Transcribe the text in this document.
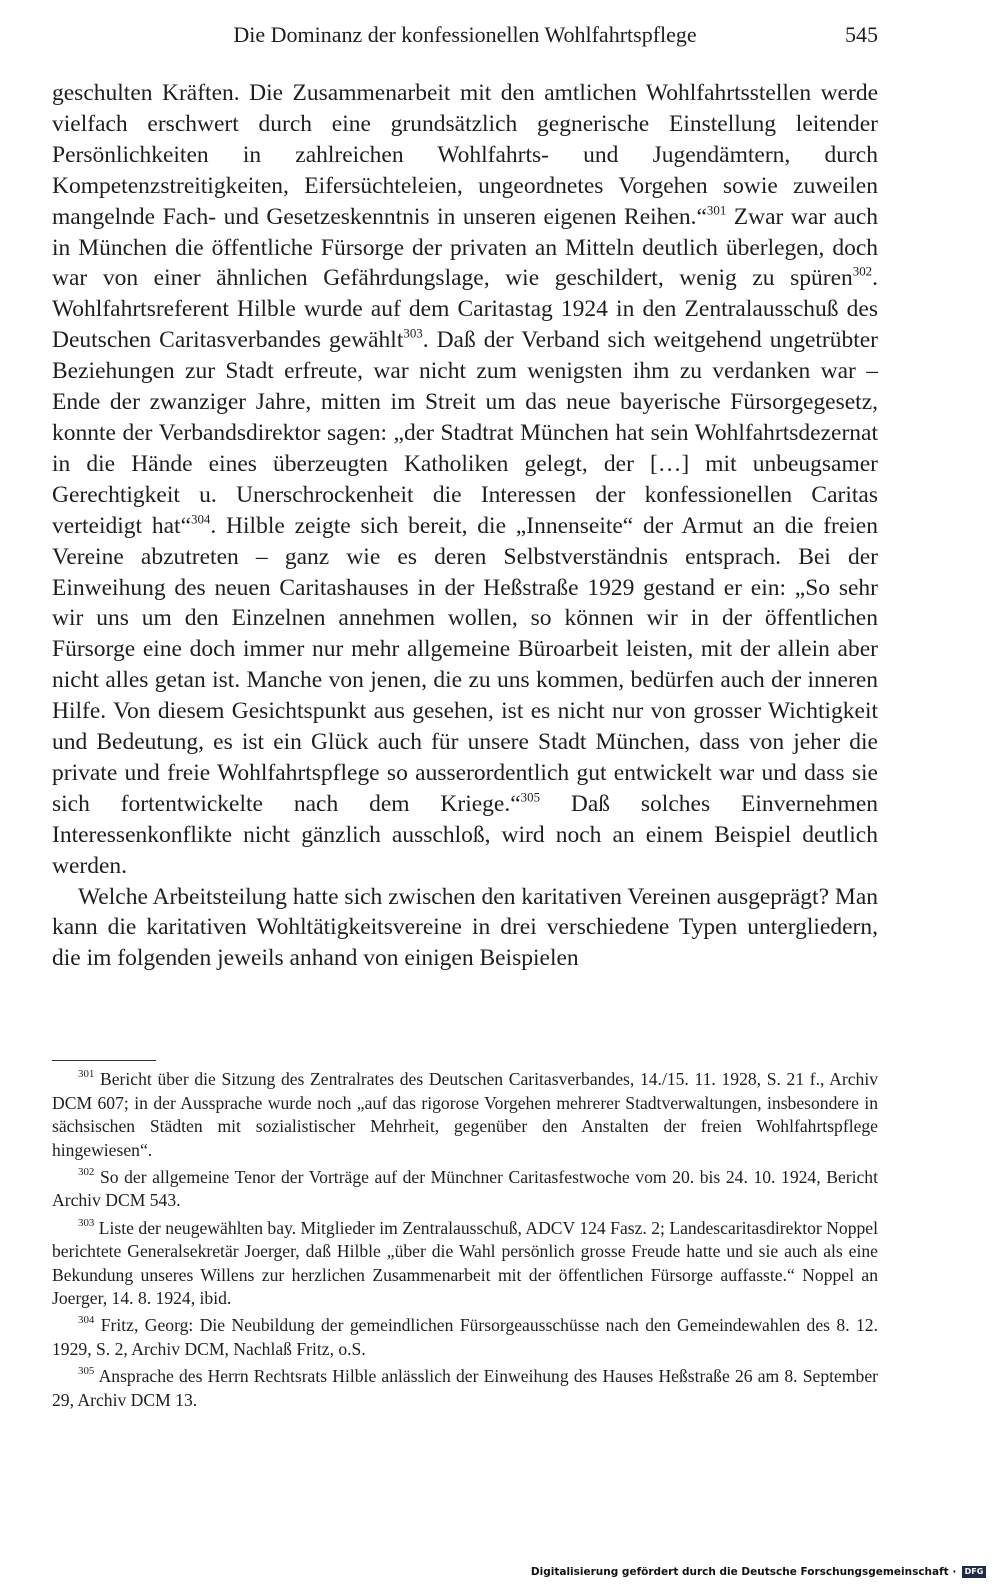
Die Dominanz der konfessionellen Wohlfahrtspflege	545

geschulten Kräften. Die Zusammenarbeit mit den amtlichen Wohlfahrtsstellen werde vielfach erschwert durch eine grundsätzlich gegnerische Einstellung leitender Persönlichkeiten in zahlreichen Wohlfahrts- und Jugendämtern, durch Kompetenzstreitigkeiten, Eifersüchteleien, ungeordnetes Vorgehen sowie zuweilen mangelnde Fach- und Gesetzeskenntnis in unseren eigenen Reihen.“$^{301}$ Zwar war auch in München die öffentliche Fürsorge der privaten an Mitteln deutlich überlegen, doch war von einer ähnlichen Gefährdungslage, wie geschildert, wenig zu spüren$^{302}$. Wohlfahrtsreferent Hilble wurde auf dem Caritastag 1924 in den Zentralausschuß des Deutschen Caritasverbandes gewählt$^{303}$. Daß der Verband sich weitgehend ungetrübter Beziehungen zur Stadt erfreute, war nicht zum wenigsten ihm zu verdanken war – Ende der zwanziger Jahre, mitten im Streit um das neue bayerische Fürsorgegesetz, konnte der Verbandsdirektor sagen: „der Stadtrat München hat sein Wohlfahrtsdezernat in die Hände eines überzeugten Katholiken gelegt, der […] mit unbeugsamer Gerechtigkeit u. Unerschrockenheit die Interessen der konfessionellen Caritas verteidigt hat“$^{304}$. Hilble zeigte sich bereit, die „Innenseite“ der Armut an die freien Vereine abzutreten – ganz wie es deren Selbstverständnis entsprach. Bei der Einweihung des neuen Caritashauses in der Heßstraße 1929 gestand er ein: „So sehr wir uns um den Einzelnen annehmen wollen, so können wir in der öffentlichen Fürsorge eine doch immer nur mehr allgemeine Büroarbeit leisten, mit der allein aber nicht alles getan ist. Manche von jenen, die zu uns kommen, bedürfen auch der inneren Hilfe. Von diesem Gesichtspunkt aus gesehen, ist es nicht nur von grosser Wichtigkeit und Bedeutung, es ist ein Glück auch für unsere Stadt München, dass von jeher die private und freie Wohlfahrtspflege so ausserordentlich gut entwickelt war und dass sie sich fortentwickelte nach dem Kriege.“$^{305}$ Daß solches Einvernehmen Interessenkonflikte nicht gänzlich ausschloß, wird noch an einem Beispiel deutlich werden.

Welche Arbeitsteilung hatte sich zwischen den karitativen Vereinen ausgeprägt? Man kann die karitativen Wohltätigkeitsvereine in drei verschiedene Typen untergliedern, die im folgenden jeweils anhand von einigen Beispielen

$^{301}$ Bericht über die Sitzung des Zentralrates des Deutschen Caritasverbandes, 14./15. 11. 1928, S. 21 f., Archiv DCM 607; in der Aussprache wurde noch „auf das rigorose Vorgehen mehrerer Stadtverwaltungen, insbesondere in sächsischen Städten mit sozialistischer Mehrheit, gegenüber den Anstalten der freien Wohlfahrtspflege hingewiesen“.

$^{302}$ So der allgemeine Tenor der Vorträge auf der Münchner Caritasfestwoche vom 20. bis 24. 10. 1924, Bericht Archiv DCM 543.

$^{303}$ Liste der neugewählten bay. Mitglieder im Zentralausschuß, ADCV 124 Fasz. 2; Landescaritasdirektor Noppel berichtete Generalsekretär Joerger, daß Hilble „über die Wahl persönlich grosse Freude hatte und sie auch als eine Bekundung unseres Willens zur herzlichen Zusammenarbeit mit der öffentlichen Fürsorge auffasste.“ Noppel an Joerger, 14. 8. 1924, ibid.

$^{304}$ Fritz, Georg: Die Neubildung der gemeindlichen Fürsorgeausschüsse nach den Gemeindewahlen des 8. 12. 1929, S. 2, Archiv DCM, Nachlaß Fritz, o.S.

$^{305}$ Ansprache des Herrn Rechtsrats Hilble anlässlich der Einweihung des Hauses Heßstraße 26 am 8. September 29, Archiv DCM 13.

Digitalisierung gefördert durch die Deutsche Forschungsgemeinschaft · DFG
